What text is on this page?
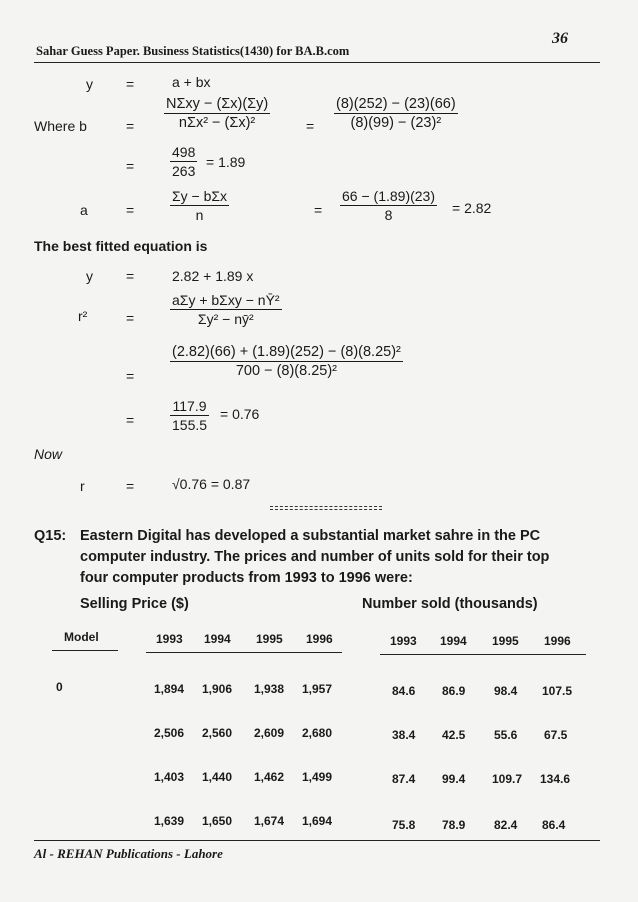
Sahar Guess Paper. Business Statistics(1430) for BA.B.com
36
y =	a + bx
Where b	=
NΣxy − (Σx)(Σy)
nΣx² − (Σx)²	=
(8)(252) − (23)(66)
(8)(99) − (23)²
=
498
263
= 1.89
a	=
Σy − bΣx
n	=
66 − (1.89)(23)
8	= 2.82
The best fitted equation is
y =	2.82 + 1.89 x
r²	=
aΣy + bΣxy − nȲ²
Σy² − nȳ²
=
(2.82)(66) + (1.89)(252) − (8)(8.25)²
700 − (8)(8.25)²
=
117.9
155.5
= 0.76
Now
r	=	√0.76 = 0.87
Q15: Eastern Digital has developed a substantial market sahre in the PC
computer industry. The prices and number of units sold for their top
four computer products from 1993 to 1996 were:
Selling Price ($)	Number sold (thousands)
Model	1993 1994 1995 1996	1993 1994 1995 1996
0	1,894 1,906 1,938 1,957	84.6 86.9 98.4 107.5
2,506 2,560 2,609 2,680	38.4 42.5 55.6 67.5
1,403 1,440 1,462 1,499	87.4 99.4 109.7 134.6
1,639 1,650 1,674 1,694	75.8 78.9 82.4 86.4
Al - REHAN Publications - Lahore
